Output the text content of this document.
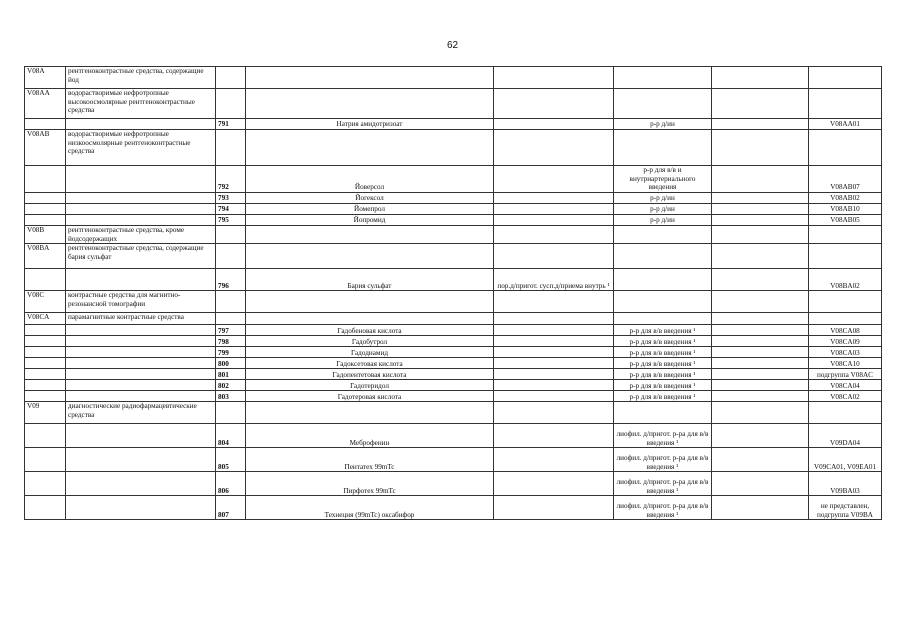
62
V08A	рентгеноконтрастные средства, содержащие йод						
V08AA	водорастворимые нефротропные высокоосмолярные рентгеноконтрастные средства						
		791	Натрия амидотризоат		р-р д/ин		V08AA01
V08AB	водорастворимые нефротропные низкоосмолярные рентгеноконтрастные средства						
		792	Йоверсол		р-р для в/в и внутриартериального введения		V08AB07
		793	Йогексол		р-р д/ин		V08AB02
		794	Йомепрол		р-р д/ин		V08AB10
		795	Йопромид		р-р д/ин		V08AB05
V08B	рентгеноконтрастные средства, кроме йодсодержащих						
V08BA	рентгеноконтрастные средства, содержащие бария сульфат						
		796	Бария сульфат	пор.д/пригот. сусп.д/приема внутрь ¹			V08BA02
V08C	контрастные средства для магнитно-резонансной томографии						
V08CA	парамагнитные контрастные средства						
		797	Гадобеновая кислота		р-р для в/в введения ¹		V08CA08
		798	Гадобутрол		р-р для в/в введения ¹		V08CA09
		799	Гадодиамид		р-р для в/в введения ¹		V08CA03
		800	Гадоксетовая кислота		р-р для в/в введения ¹		V08CA10
		801	Гадопентетовая кислота		р-р для в/в введения ¹		подгруппа V08AC
		802	Гадотеридол		р-р для в/в введения ¹		V08CA04
		803	Гадотеровая кислота		р-р для в/в введения ¹		V08CA02
V09	диагностические радиофармацевтические средства						
		804	Меброфенин		лиофил. д/пригот. р-ра для в/в введения ¹		V09DA04
		805	Пентатех 99mTc		лиофил. д/пригот. р-ра для в/в введения ¹		V09CA01, V09EA01
		806	Пирфотех 99mTc		лиофил. д/пригот. р-ра для в/в введения ¹		V09BA03
		807	Технеция (99mTc) оксабифор		лиофил. д/пригот. р-ра для в/в введения ¹		не представлен, подгруппа V09BA
